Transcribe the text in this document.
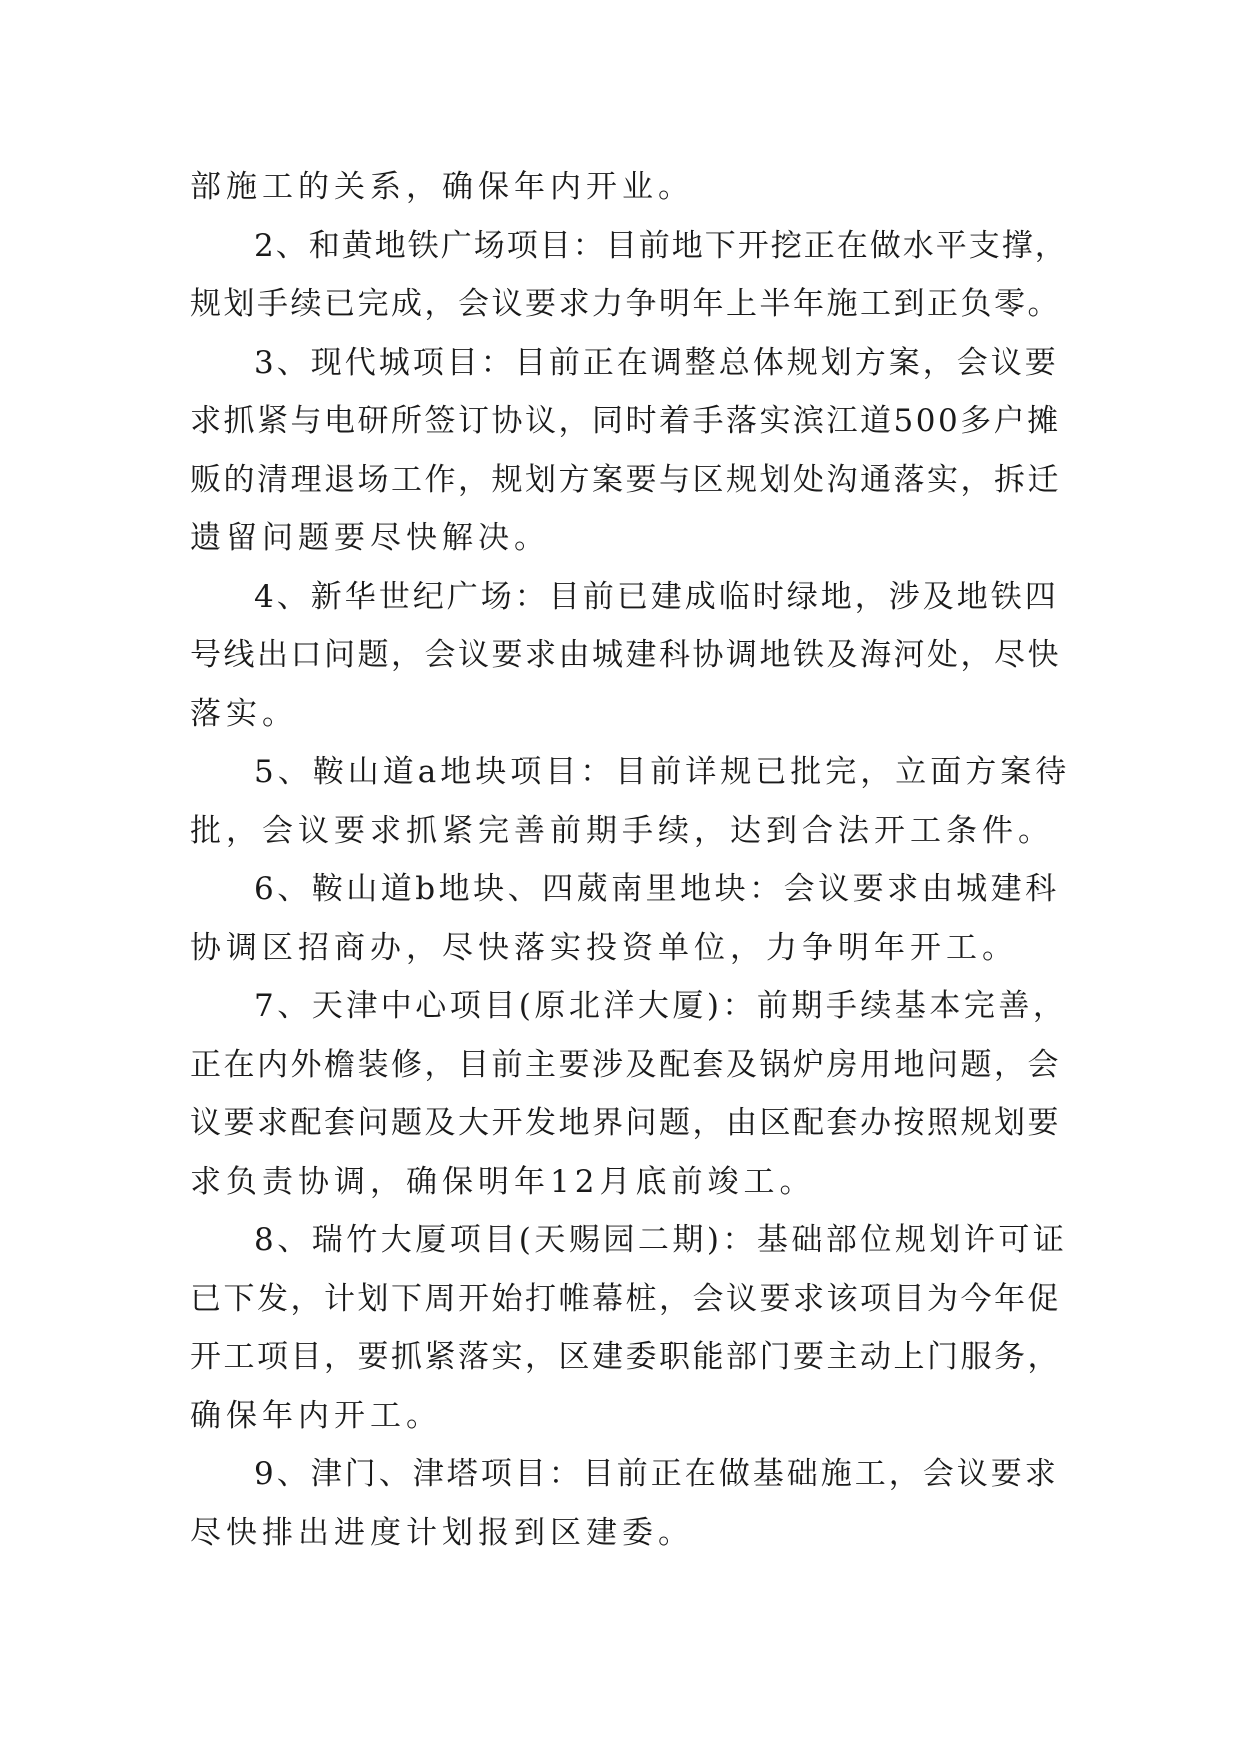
部施工的关系，确保年内开业。
2、和黄地铁广场项目：目前地下开挖正在做水平支撑，
规划手续已完成，会议要求力争明年上半年施工到正负零。
3、现代城项目：目前正在调整总体规划方案，会议要
求抓紧与电研所签订协议，同时着手落实滨江道500多户摊
贩的清理退场工作，规划方案要与区规划处沟通落实，拆迁
遗留问题要尽快解决。
4、新华世纪广场：目前已建成临时绿地，涉及地铁四
号线出口问题，会议要求由城建科协调地铁及海河处，尽快
落实。
5、鞍山道a地块项目：目前详规已批完，立面方案待
批，会议要求抓紧完善前期手续，达到合法开工条件。
6、鞍山道b地块、四葳南里地块：会议要求由城建科
协调区招商办，尽快落实投资单位，力争明年开工。
7、天津中心项目(原北洋大厦)：前期手续基本完善，
正在内外檐装修，目前主要涉及配套及锅炉房用地问题，会
议要求配套问题及大开发地界问题，由区配套办按照规划要
求负责协调，确保明年12月底前竣工。
8、瑞竹大厦项目(天赐园二期)：基础部位规划许可证
已下发，计划下周开始打帷幕桩，会议要求该项目为今年促
开工项目，要抓紧落实，区建委职能部门要主动上门服务，
确保年内开工。
9、津门、津塔项目：目前正在做基础施工，会议要求
尽快排出进度计划报到区建委。
